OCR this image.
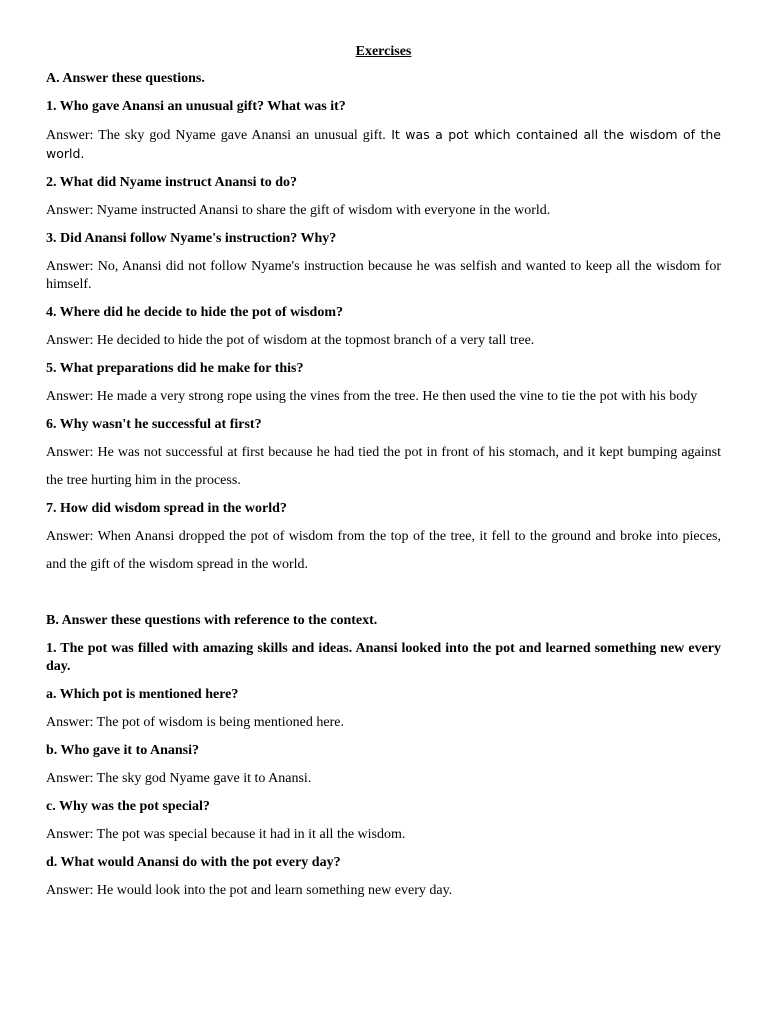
Exercises
A. Answer these questions.
1. Who gave Anansi an unusual gift? What was it?
Answer: The sky god Nyame gave Anansi an unusual gift. It was a pot which contained all the wisdom of the world.
2. What did Nyame instruct Anansi to do?
Answer: Nyame instructed Anansi to share the gift of wisdom with everyone in the world.
3. Did Anansi follow Nyame's instruction? Why?
Answer: No, Anansi did not follow Nyame's instruction because he was selfish and wanted to keep all the wisdom for himself.
4. Where did he decide to hide the pot of wisdom?
Answer: He decided to hide the pot of wisdom at the topmost branch of a very tall tree.
5. What preparations did he make for this?
Answer: He made a very strong rope using the vines from the tree. He then used the vine to tie the pot with his body
6. Why wasn't he successful at first?
Answer: He was not successful at first because he had tied the pot in front of his stomach, and it kept bumping against the tree hurting him in the process.
7. How did wisdom spread in the world?
Answer: When Anansi dropped the pot of wisdom from the top of the tree, it fell to the ground and broke into pieces, and the gift of the wisdom spread in the world.
B. Answer these questions with reference to the context.
1. The pot was filled with amazing skills and ideas. Anansi looked into the pot and learned something new every day.
a. Which pot is mentioned here?
Answer: The pot of wisdom is being mentioned here.
b. Who gave it to Anansi?
Answer: The sky god Nyame gave it to Anansi.
c. Why was the pot special?
Answer: The pot was special because it had in it all the wisdom.
d. What would Anansi do with the pot every day?
Answer: He would look into the pot and learn something new every day.
